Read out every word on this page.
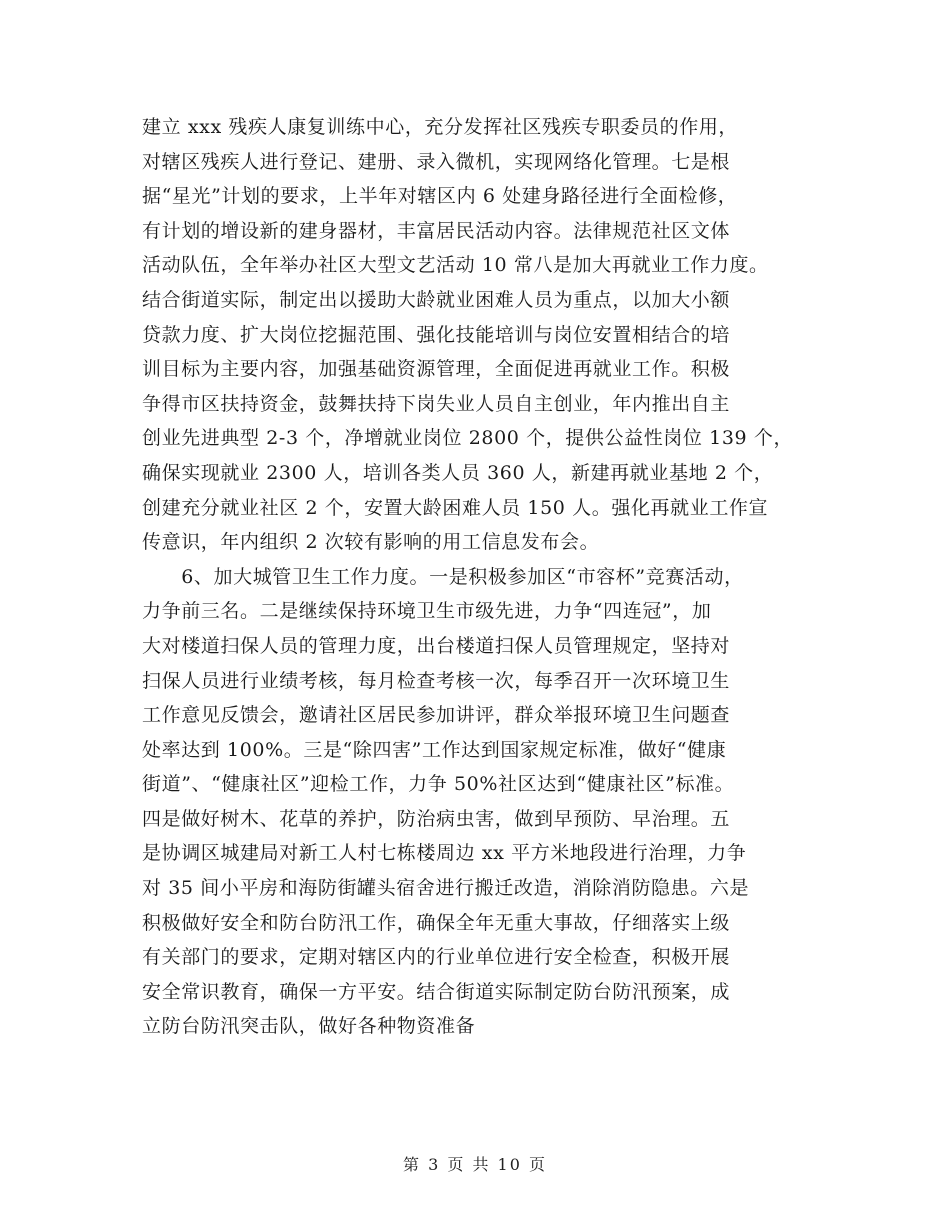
建立 xxx 残疾人康复训练中心，充分发挥社区残疾专职委员的作用，
对辖区残疾人进行登记、建册、录入微机，实现网络化管理。七是根
据“星光”计划的要求，上半年对辖区内 6 处建身路径进行全面检修，
有计划的增设新的建身器材，丰富居民活动内容。法律规范社区文体
活动队伍，全年举办社区大型文艺活动 10 常八是加大再就业工作力度。
结合街道实际，制定出以援助大龄就业困难人员为重点，以加大小额
贷款力度、扩大岗位挖掘范围、强化技能培训与岗位安置相结合的培
训目标为主要内容，加强基础资源管理，全面促进再就业工作。积极
争得市区扶持资金，鼓舞扶持下岗失业人员自主创业，年内推出自主
创业先进典型 2-3 个，净增就业岗位 2800 个，提供公益性岗位 139 个，
确保实现就业 2300 人，培训各类人员 360 人，新建再就业基地 2 个，
创建充分就业社区 2 个，安置大龄困难人员 150 人。强化再就业工作宣
传意识，年内组织 2 次较有影响的用工信息发布会。
　　6、加大城管卫生工作力度。一是积极参加区“市容杯”竞赛活动，
力争前三名。二是继续保持环境卫生市级先进，力争“四连冠”，加
大对楼道扫保人员的管理力度，出台楼道扫保人员管理规定，坚持对
扫保人员进行业绩考核，每月检查考核一次，每季召开一次环境卫生
工作意见反馈会，邀请社区居民参加讲评，群众举报环境卫生问题查
处率达到 100%。三是“除四害”工作达到国家规定标准，做好“健康
街道”、“健康社区”迎检工作，力争 50%社区达到“健康社区”标准。
四是做好树木、花草的养护，防治病虫害，做到早预防、早治理。五
是协调区城建局对新工人村七栋楼周边 xx 平方米地段进行治理，力争
对 35 间小平房和海防街罐头宿舍进行搬迁改造，消除消防隐患。六是
积极做好安全和防台防汛工作，确保全年无重大事故，仔细落实上级
有关部门的要求，定期对辖区内的行业单位进行安全检查，积极开展
安全常识教育，确保一方平安。结合街道实际制定防台防汛预案，成
立防台防汛突击队，做好各种物资准备
第 3 页 共 10 页
